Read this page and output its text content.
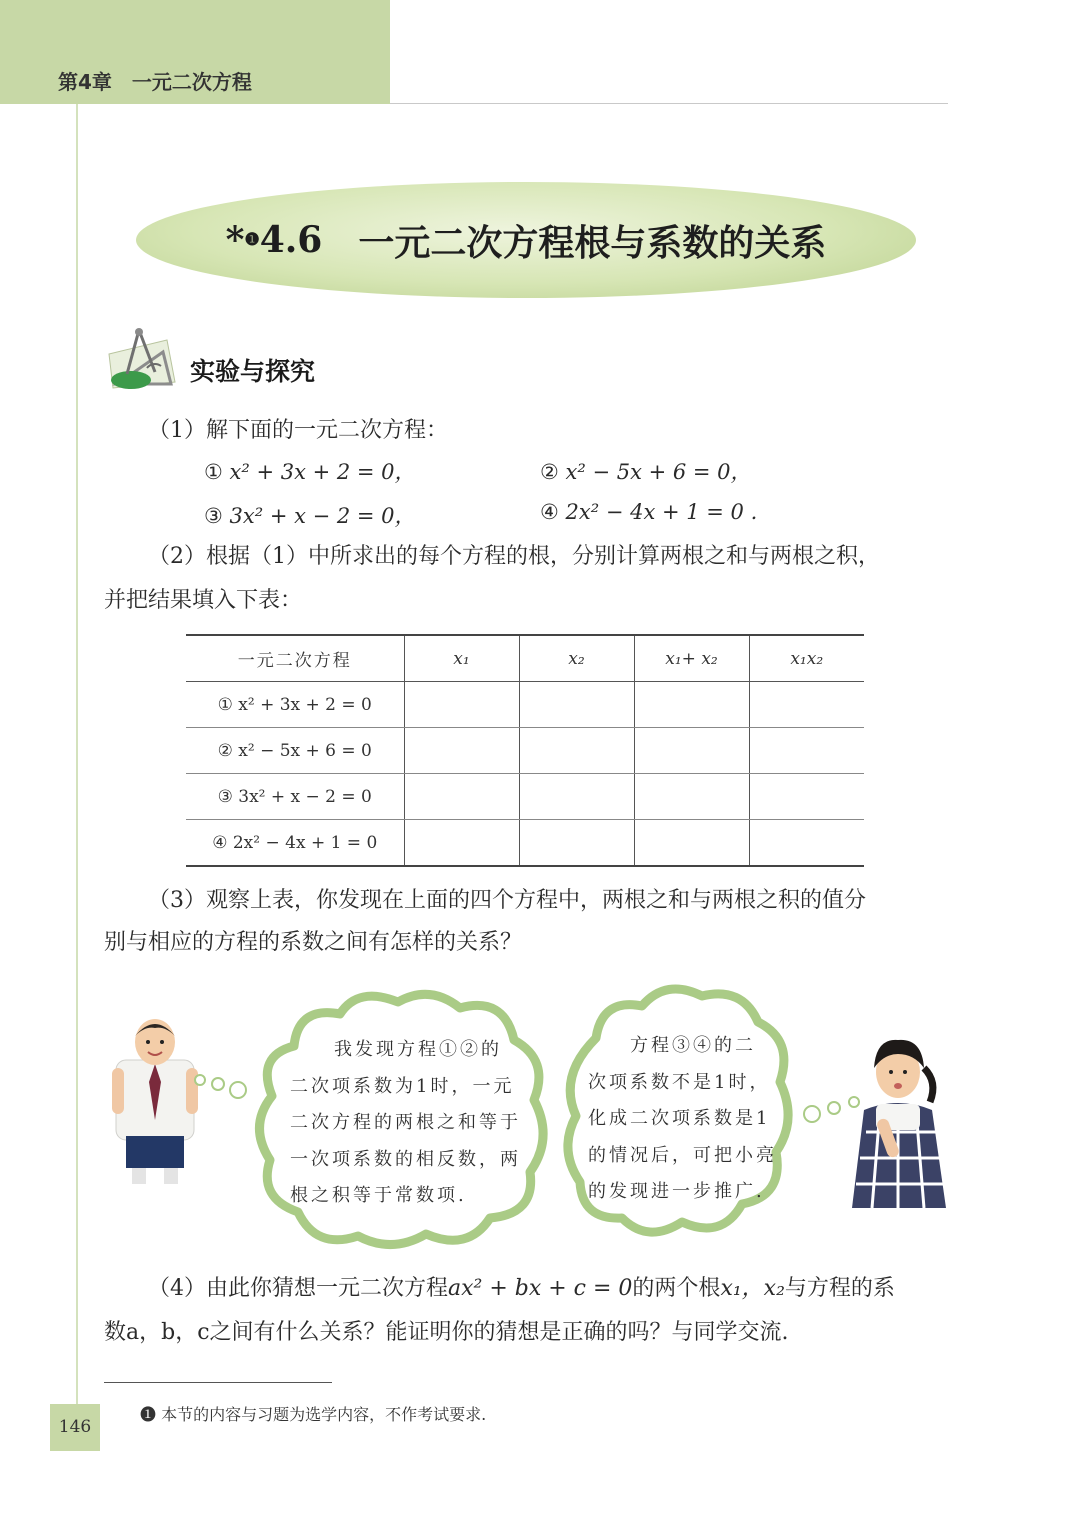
第4章　一元二次方程
* ❶ 4.6
　 一元二次方程根与系数的关系
实验与探究
（1）解下面的一元二次方程：
① x² + 3x + 2 = 0，	② x² − 5x + 6 = 0，
③ 3x² + x − 2 = 0，	④ 2x² − 4x + 1 = 0 .
（2）根据（1）中所求出的每个方程的根，分别计算两根之和与两根之积，
并把结果填入下表：
一元二次方程	x₁	x₂	x₁+ x₂	x₁x₂
① x² + 3x + 2 = 0				
② x² − 5x + 6 = 0				
③ 3x² + x − 2 = 0				
④ 2x² − 4x + 1 = 0				
（3）观察上表，你发现在上面的四个方程中，两根之和与两根之积的值分
别与相应的方程的系数之间有怎样的关系？
我发现方程①②的
二次项系数为1时，一元
二次方程的两根之和等于
一次项系数的相反数，两
根之积等于常数项.
方程③④的二
次项系数不是1时，
化成二次项系数是1
的情况后，可把小亮
的发现进一步推广.
（4）由此你猜想一元二次方程ax² + bx + c = 0的两个根x₁，x₂与方程的系
数a，b，c之间有什么关系？能证明你的猜想是正确的吗？与同学交流.
❶ 本节的内容与习题为选学内容，不作考试要求.
146
